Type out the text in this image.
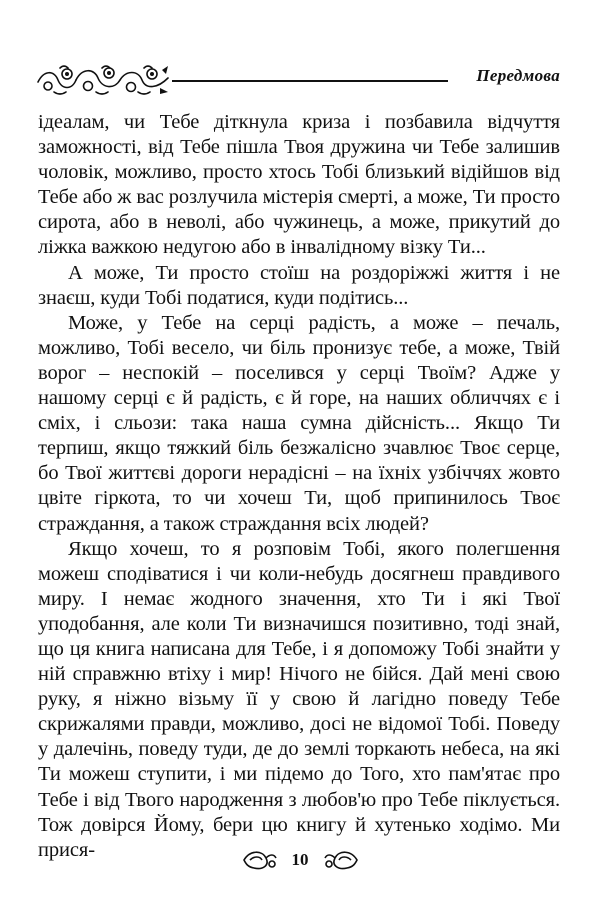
Передмова

ідеалам, чи Тебе діткнула криза і позбавила відчуття заможності, від Тебе пішла Твоя дружина чи Тебе залишив чоловік, можливо, просто хтось Тобі близький відійшов від Тебе або ж вас розлучила містерія смерті, а може, Ти просто сирота, або в неволі, або чужинець, а може, прикутий до ліжка важкою недугою або в інвалідному візку Ти...

А може, Ти просто стоїш на роздоріжжі життя і не знаєш, куди Тобі податися, куди подітись...

Може, у Тебе на серці радість, а може – печаль, можливо, Тобі весело, чи біль пронизує тебе, а може, Твій ворог – неспокій – поселився у серці Твоїм? Адже у нашому серці є й радість, є й горе, на наших обличчях є і сміх, і сльози: така наша сумна дійсність... Якщо Ти терпиш, якщо тяжкий біль безжалісно зчавлює Твоє серце, бо Твої життєві дороги нерадісні – на їхніх узбіччях жовто цвіте гіркота, то чи хочеш Ти, щоб припинилось Твоє страждання, а також страждання всіх людей?

Якщо хочеш, то я розповім Тобі, якого полегшення можеш сподіватися і чи коли-небудь досягнеш правдивого миру. І немає жодного значення, хто Ти і які Твої уподобання, але коли Ти визначишся позитивно, тоді знай, що ця книга написана для Тебе, і я допоможу Тобі знайти у ній справжню втіху і мир! Нічого не бійся. Дай мені свою руку, я ніжно візьму її у свою й лагідно поведу Тебе скрижалями правди, можливо, досі не відомої Тобі. Поведу у далечінь, поведу туди, де до землі торкають небеса, на які Ти можеш ступити, і ми підемо до Того, хто пам'ятає про Тебе і від Твого народження з любов'ю про Тебе піклується. Тож довірся Йому, бери цю книгу й хутенько ходімо. Ми прися-	10
